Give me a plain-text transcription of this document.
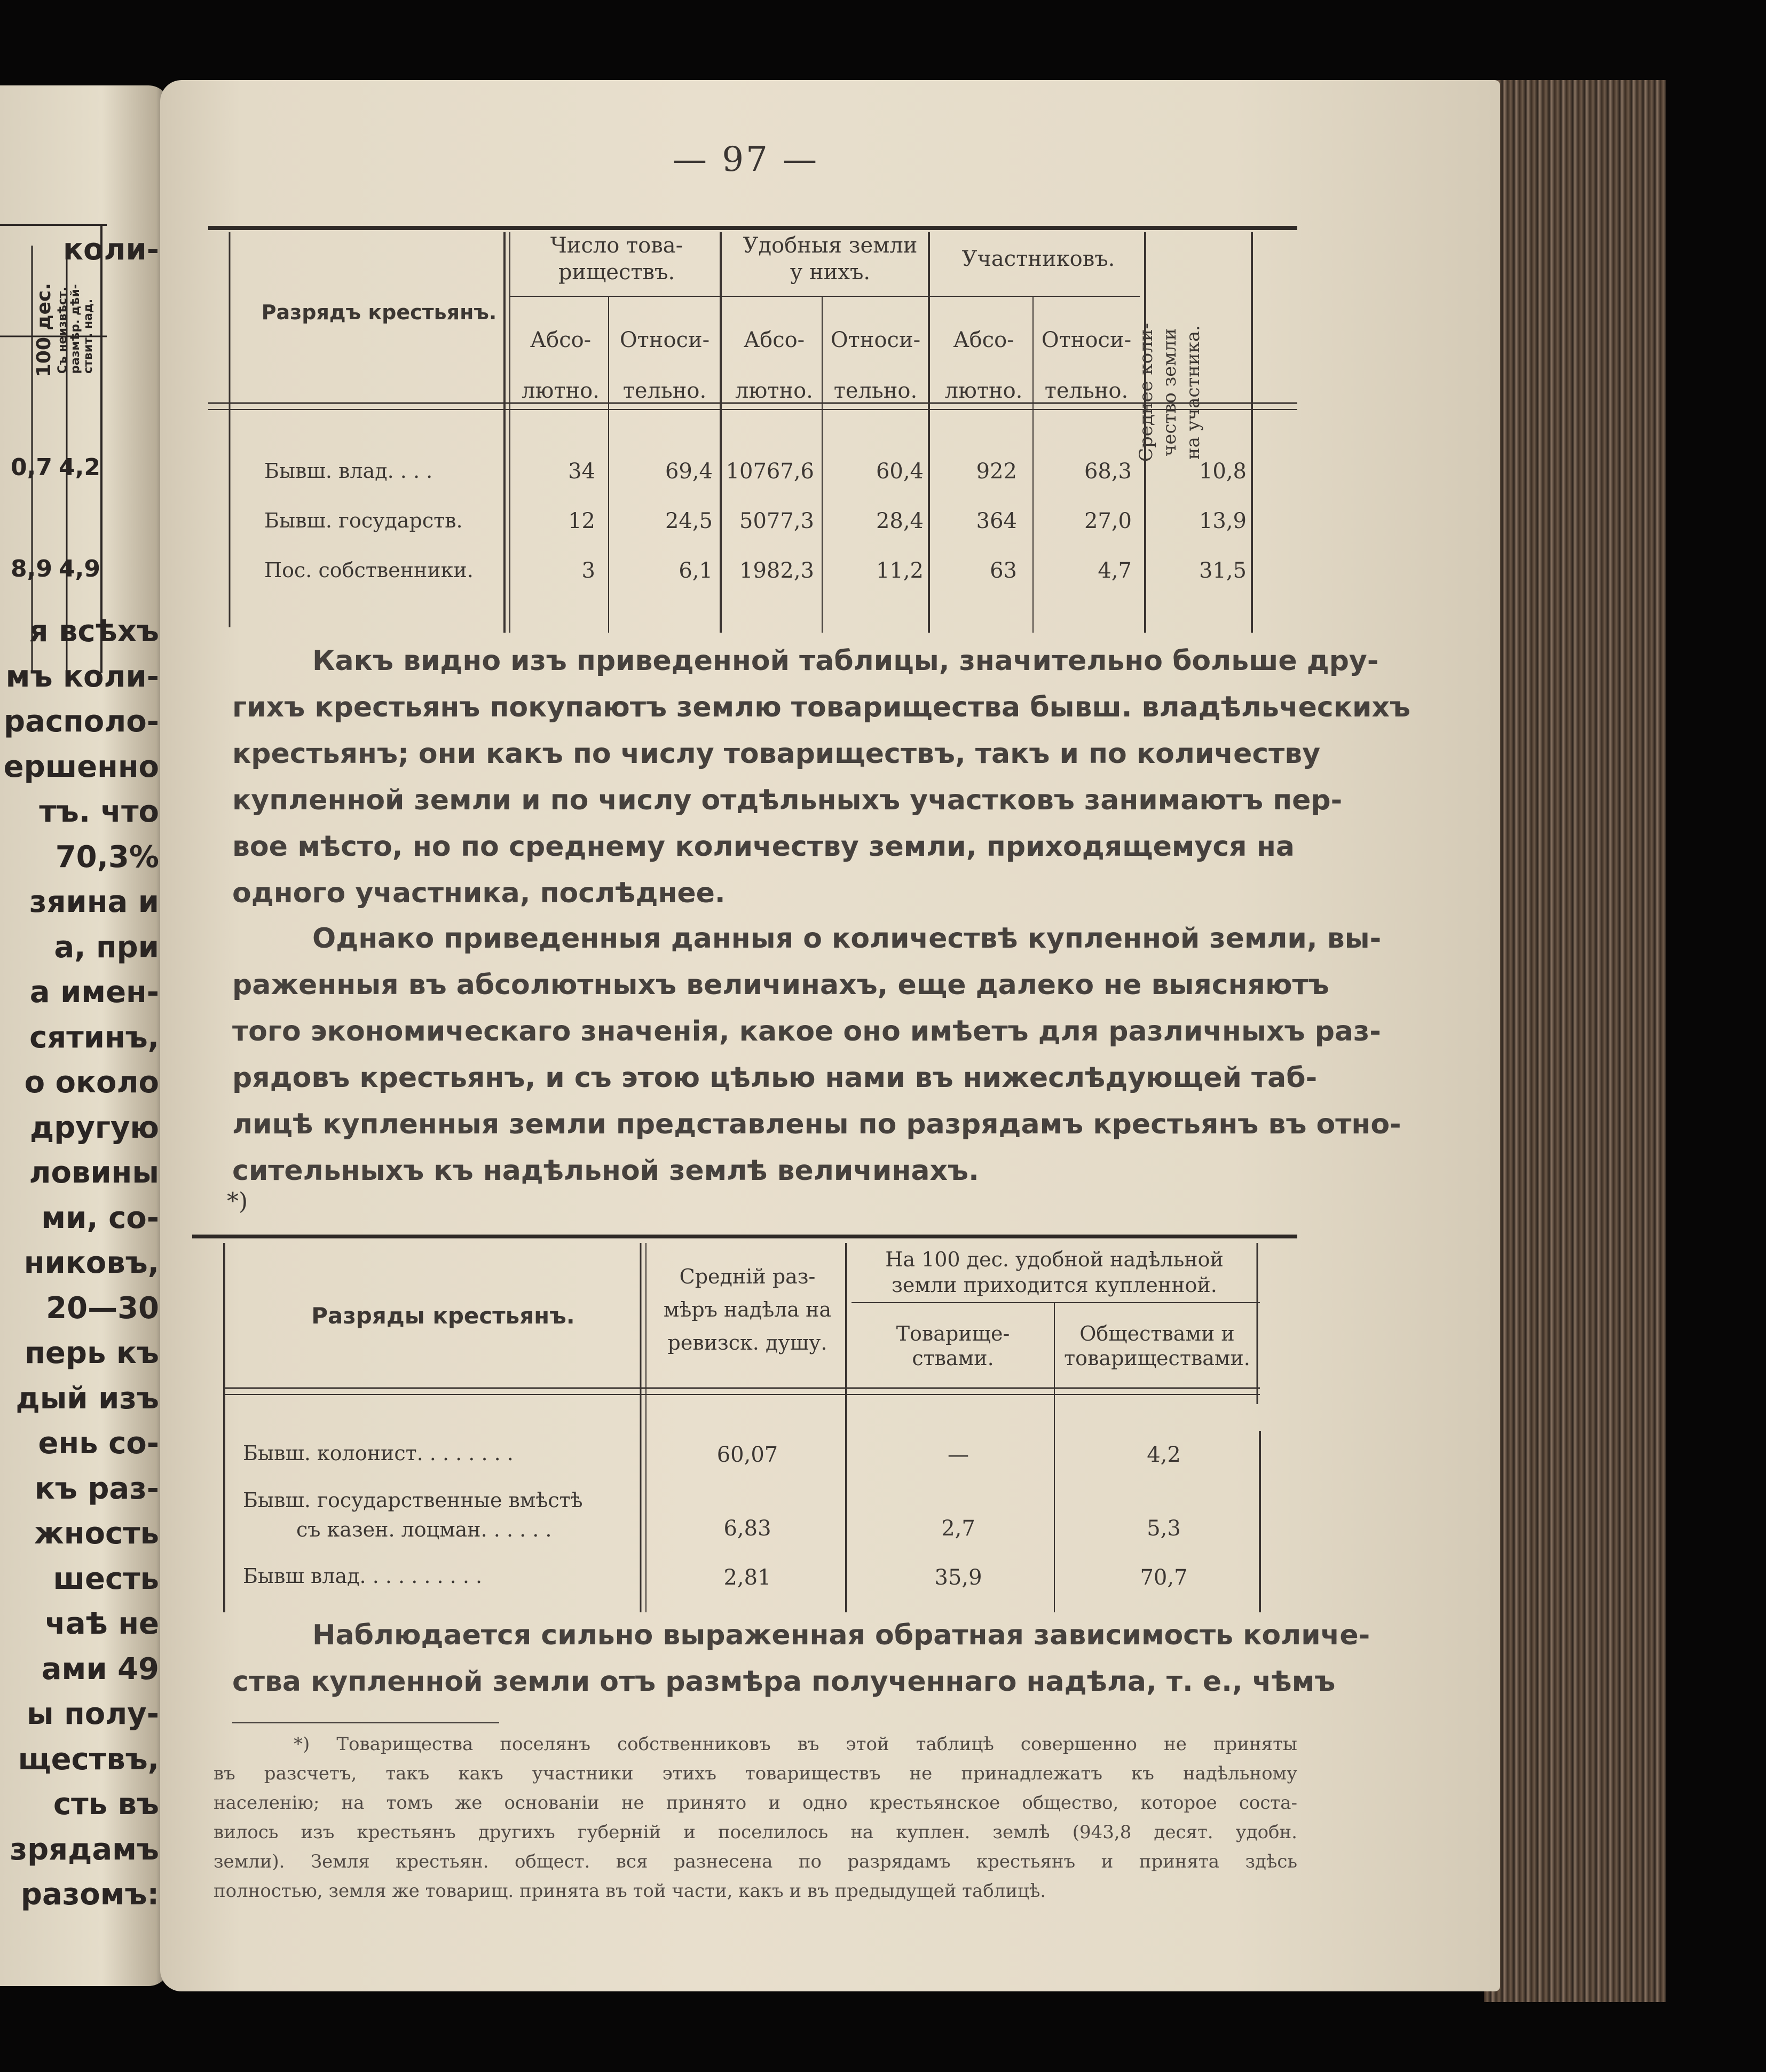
коли-
100 дес. Съ неизвѣст. размѣр. дѣй-ствит. над.
0,7 4,2
8,9 4,9
я всѣхъ
мъ коли-
располо-
ершенно
тъ. что
70,3%
зяина и
а, при
а имен-
сятинъ,
о около
другую
ловины
ми, со-
никовъ,
20—30
перь къ
дый изъ
ень со-
къ раз-
жность
шесть
чаѣ не
ами 49
ы полу-
ществъ,
сть въ
зрядамъ
разомъ:
— 97 —
Разрядъ крестьянъ.
Число това-
риществъ.
Удобныя земли
у нихъ.
Участниковъ.
Абсо-
лютно.
Относи-
тельно.
Абсо-
лютно.
Относи-
тельно.
Абсо-
лютно.
Относи-
тельно. Среднее коли-
чество земли
на участника.
Бывш. влад. . . .	34	69,4 10767,6	60,4	922	68,3	10,8
Бывш. государств.	12	24,5	5077,3	28,4	364	27,0	13,9
Пос. собственники.	3	6,1	1982,3	11,2	63	4,7	31,5
Какъ видно изъ приведенной таблицы, значительно больше дру-
гихъ крестьянъ покупаютъ землю товарищества бывш. владѣльческихъ
крестьянъ; они какъ по числу товариществъ, такъ и по количеству
купленной земли и по числу отдѣльныхъ участковъ занимаютъ пер-
вое мѣсто, но по среднему количеству земли, приходящемуся на
одного участника, послѣднее.
Однако приведенныя данныя о количествѣ купленной земли, вы-
раженныя въ абсолютныхъ величинахъ, еще далеко не выясняютъ
того экономическаго значенія, какое оно имѣетъ для различныхъ раз-
рядовъ крестьянъ, и съ этою цѣлью нами въ нижеслѣдующей таб-
лицѣ купленныя земли представлены по разрядамъ крестьянъ въ отно-
сительныхъ къ надѣльной землѣ величинахъ.
*)
Разряды крестьянъ.
Средній раз-
мѣръ надѣла на
ревизск. душу.
На 100 дес. удобной надѣльной
земли приходится купленной.
Товарище-
ствами.
Обществами и
товариществами.
Бывш. колонист. . . . . . . .	60,07	—	4,2
Бывш. государственные вмѣстѣ
съ казен. лоцман. . . . . .	6,83	2,7	5,3
Бывш влад. . . . . . . . . .	2,81	35,9	70,7
Наблюдается сильно выраженная обратная зависимость количе-
ства купленной земли отъ размѣра полученнаго надѣла, т. е., чѣмъ
*) Товарищества поселянъ собственниковъ въ этой таблицѣ совершенно не приняты
въ разсчетъ, такъ какъ участники этихъ товариществъ не принадлежатъ къ надѣльному
населенію; на томъ же основаніи не принято и одно крестьянское общество, которое соста-
вилось изъ крестьянъ другихъ губерній и поселилось на куплен. землѣ (943,8 десят. удобн.
земли). Земля крестьян. общест. вся разнесена по разрядамъ крестьянъ и принята здѣсь
полностью, земля же товарищ. принята въ той части, какъ и въ предыдущей таблицѣ.
